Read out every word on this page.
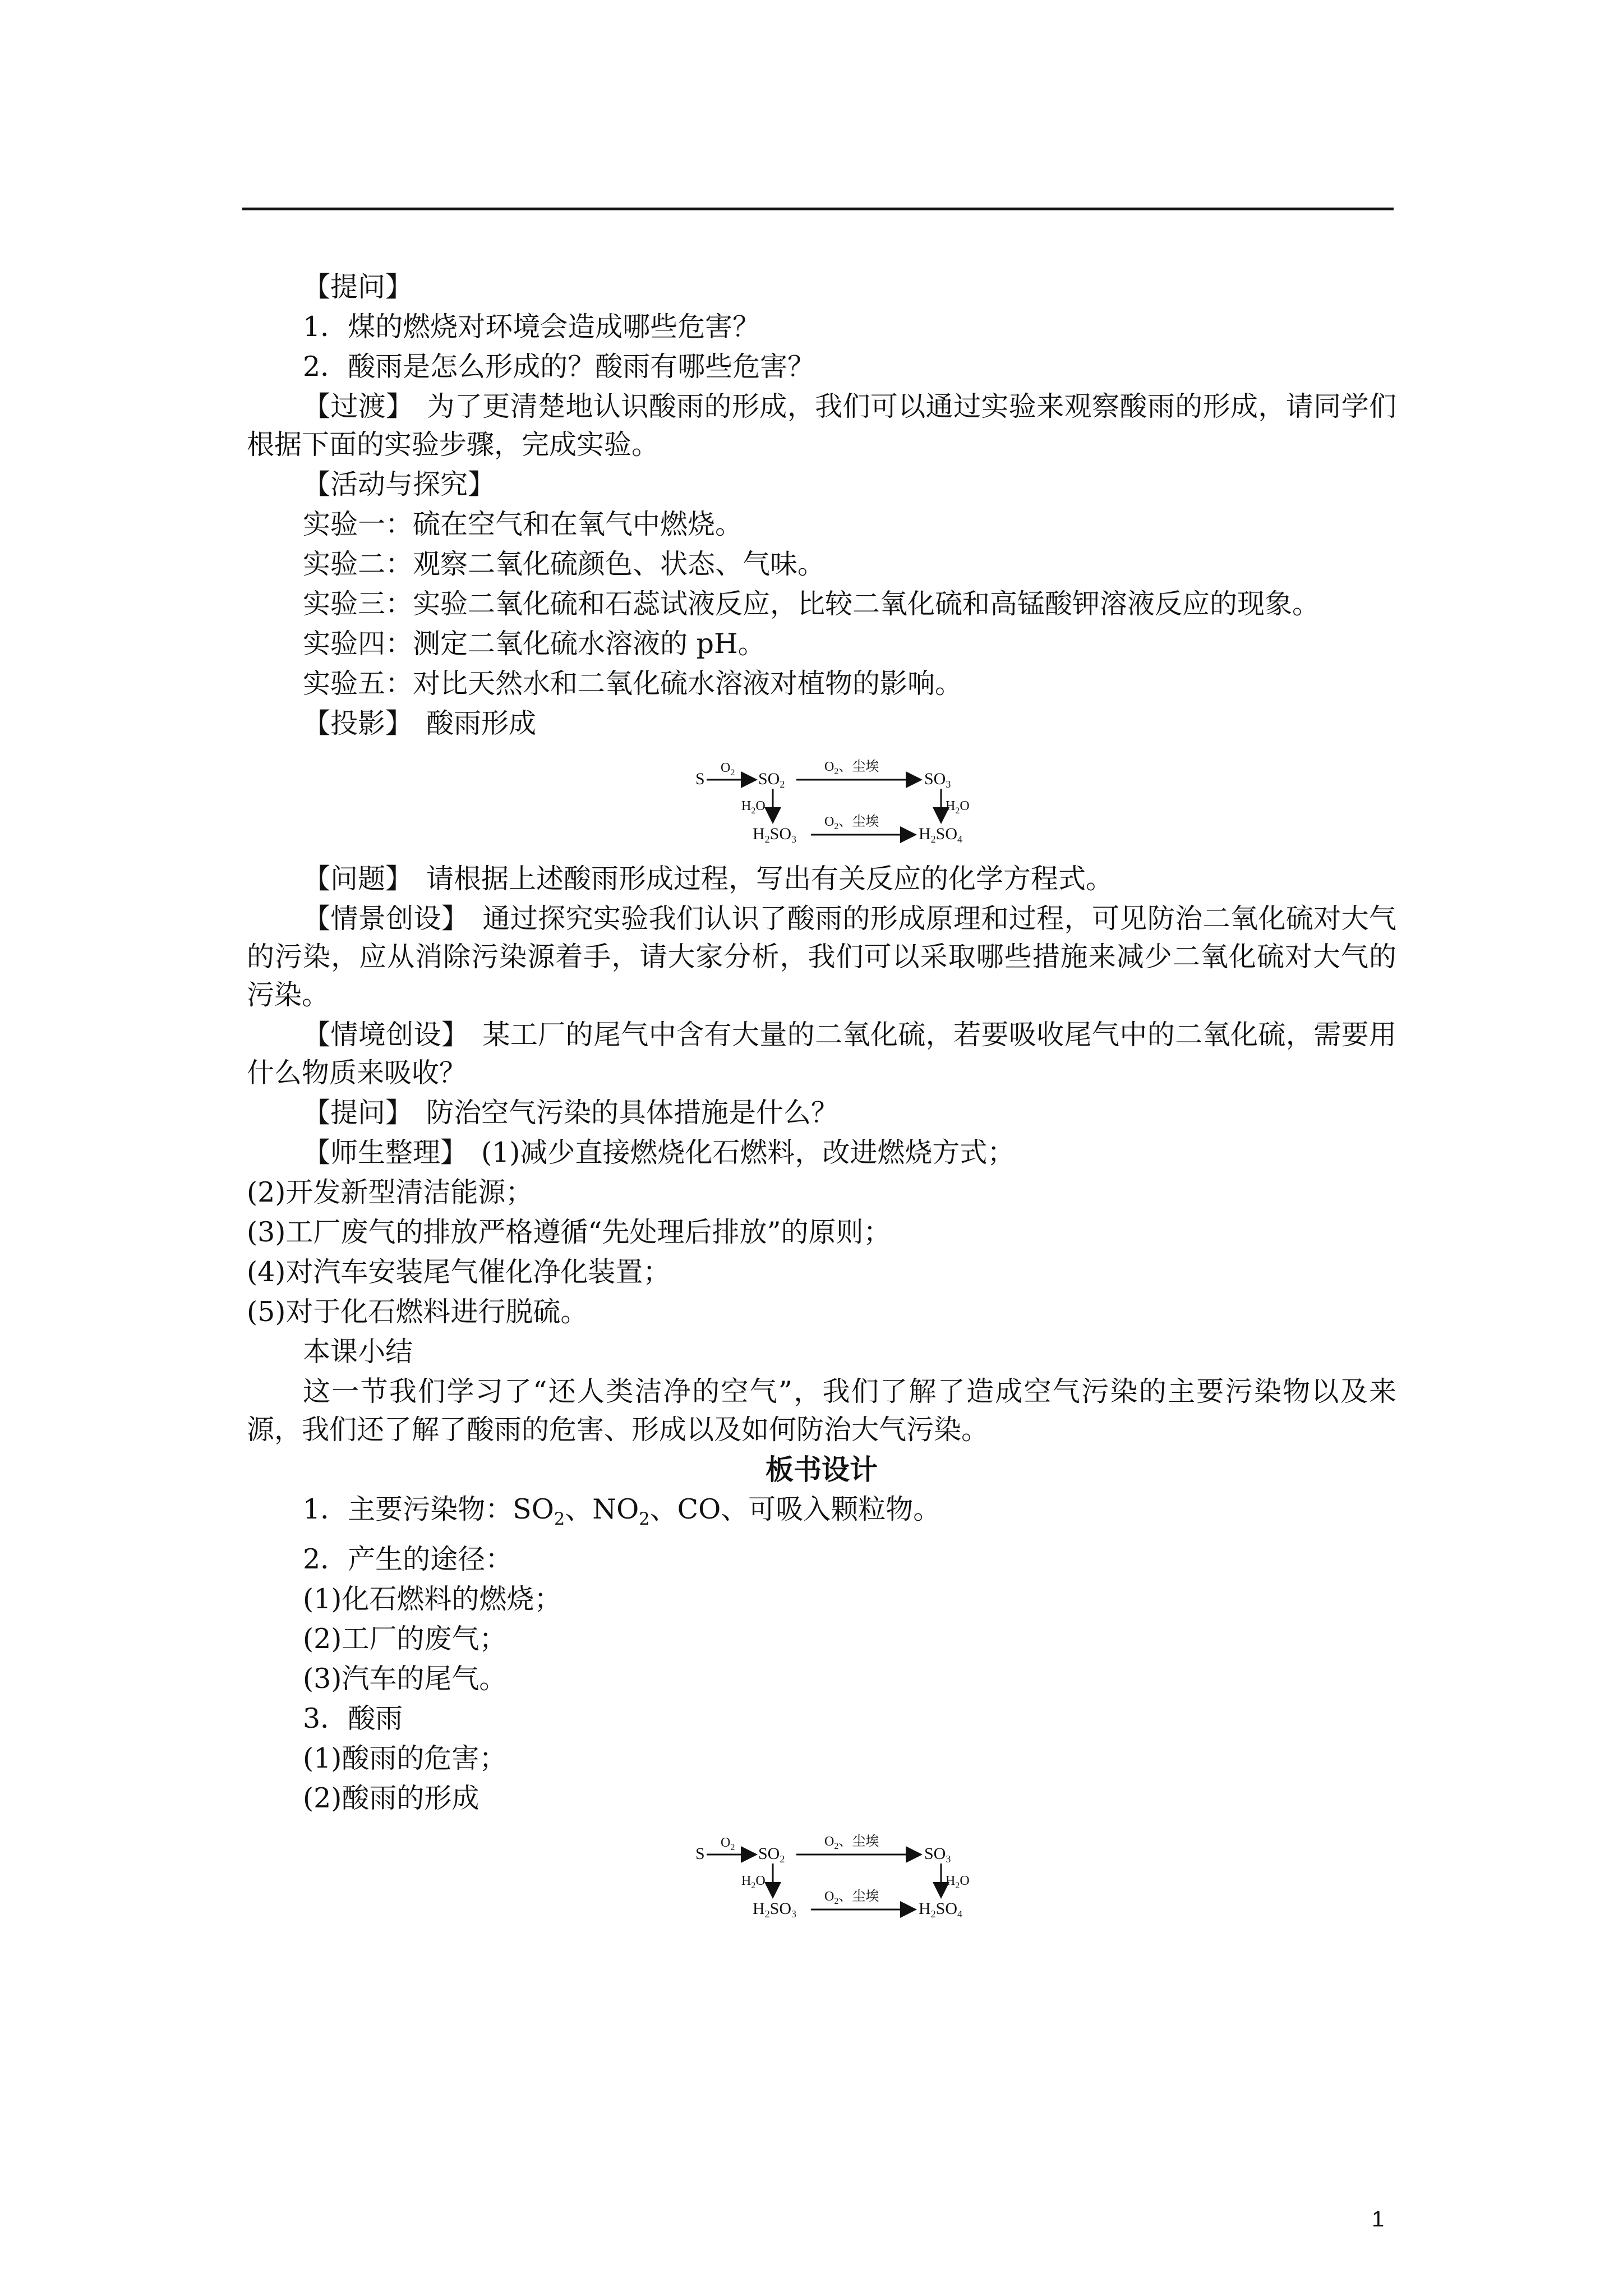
【提问】

1．煤的燃烧对环境会造成哪些危害？

2．酸雨是怎么形成的？酸雨有哪些危害？

【过渡】 为了更清楚地认识酸雨的形成，我们可以通过实验来观察酸雨的形成，请同学们根据下面的实验步骤，完成实验。

【活动与探究】

实验一：硫在空气和在氧气中燃烧。

实验二：观察二氧化硫颜色、状态、气味。

实验三：实验二氧化硫和石蕊试液反应，比较二氧化硫和高锰酸钾溶液反应的现象。

实验四：测定二氧化硫水溶液的 pH。

实验五：对比天然水和二氧化硫水溶液对植物的影响。

【投影】 酸雨形成

S
$O_2$ $SO_2$
$O_2$、尘埃
$SO_3$
$H_2O$	$H_2O$
$H_2SO_3$
$O_2$、尘埃
$H_2SO_4$

【问题】 请根据上述酸雨形成过程，写出有关反应的化学方程式。

【情景创设】 通过探究实验我们认识了酸雨的形成原理和过程，可见防治二氧化硫对大气的污染，应从消除污染源着手，请大家分析，我们可以采取哪些措施来减少二氧化硫对大气的污染。

【情境创设】 某工厂的尾气中含有大量的二氧化硫，若要吸收尾气中的二氧化硫，需要用什么物质来吸收？

【提问】 防治空气污染的具体措施是什么？

【师生整理】 (1)减少直接燃烧化石燃料，改进燃烧方式；

(2)开发新型清洁能源；

(3)工厂废气的排放严格遵循“先处理后排放”的原则；

(4)对汽车安装尾气催化净化装置；

(5)对于化石燃料进行脱硫。

本课小结

这一节我们学习了“还人类洁净的空气”，我们了解了造成空气污染的主要污染物以及来源，我们还了解了酸雨的危害、形成以及如何防治大气污染。

板书设计

1．主要污染物：$SO_2$、$NO_2$、CO、可吸入颗粒物。

2．产生的途径：

(1)化石燃料的燃烧；

(2)工厂的废气；

(3)汽车的尾气。

3．酸雨

(1)酸雨的危害；

(2)酸雨的形成

S
$O_2$ $SO_2$
$O_2$、尘埃
$SO_3$
$H_2O$	$H_2O$
$H_2SO_3$
$O_2$、尘埃
$H_2SO_4$
1
